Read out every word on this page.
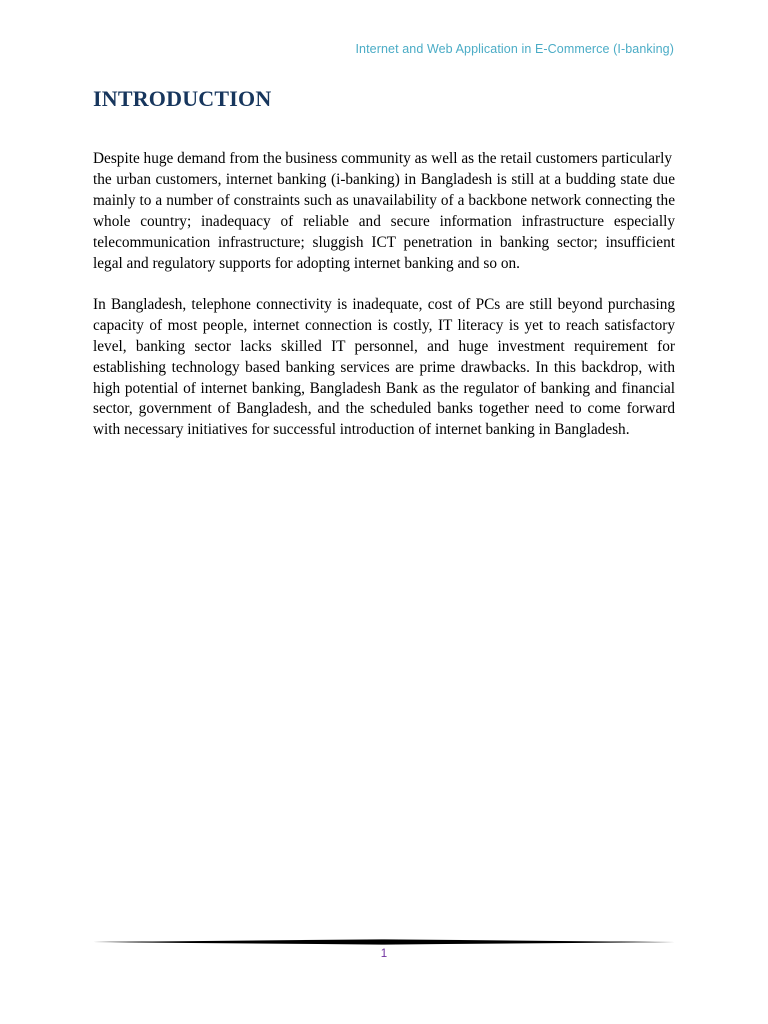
Internet and Web Application in E-Commerce (I-banking)
INTRODUCTION

Despite huge demand from the business community as well as the retail customers particularly

the urban customers, internet banking (i-banking) in Bangladesh is still at a budding state due mainly to a number of constraints such as unavailability of a backbone network connecting the whole country; inadequacy of reliable and secure information infrastructure especially telecommunication infrastructure; sluggish ICT penetration in banking sector; insufficient legal and regulatory supports for adopting internet banking and so on.

In Bangladesh, telephone connectivity is inadequate, cost of PCs are still beyond purchasing capacity of most people, internet connection is costly, IT literacy is yet to reach satisfactory level, banking sector lacks skilled IT personnel, and huge investment requirement for establishing technology based banking services are prime drawbacks. In this backdrop, with high potential of internet banking, Bangladesh Bank as the regulator of banking and financial sector, government of Bangladesh, and the scheduled banks together need to come forward with necessary initiatives for successful introduction of internet banking in Bangladesh.

1
